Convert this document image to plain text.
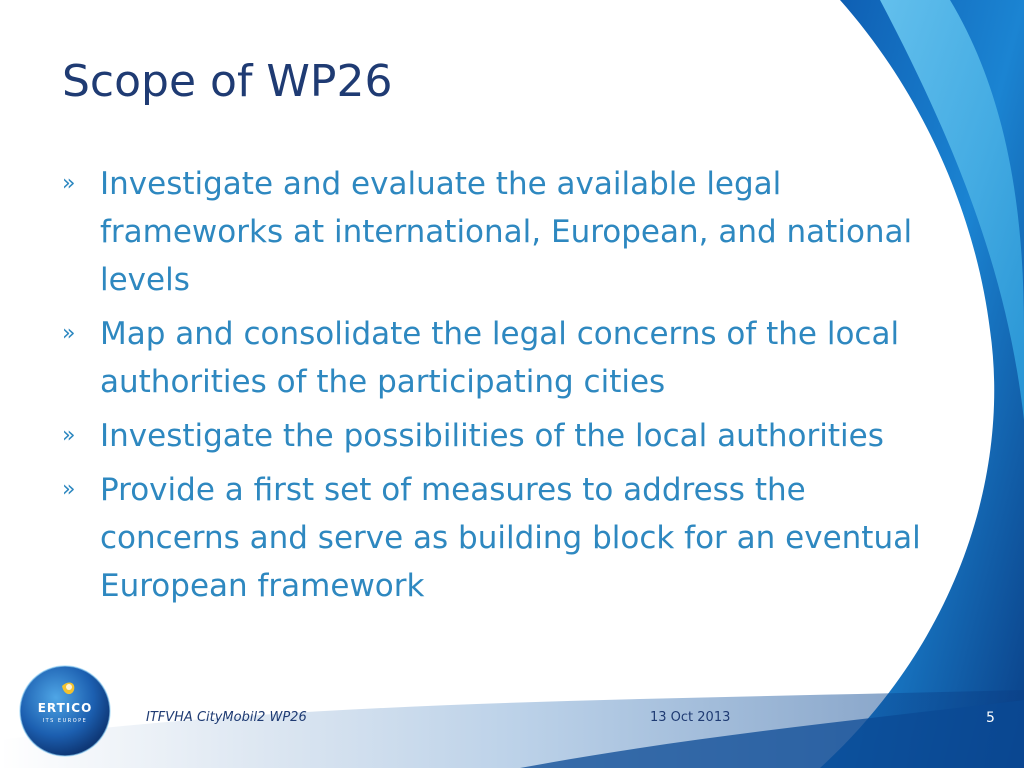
Scope of WP26
» Investigate and evaluate the available legal frameworks at international, European, and national levels
» Map and consolidate the legal concerns of the local authorities of the participating cities
» Investigate the possibilities of the local authorities
» Provide a first set of measures to address the concerns and serve as building block for an eventual European framework
ERTICO
ITS EUROPE	ITFVHA CityMobil2 WP26	13 Oct 2013	5
